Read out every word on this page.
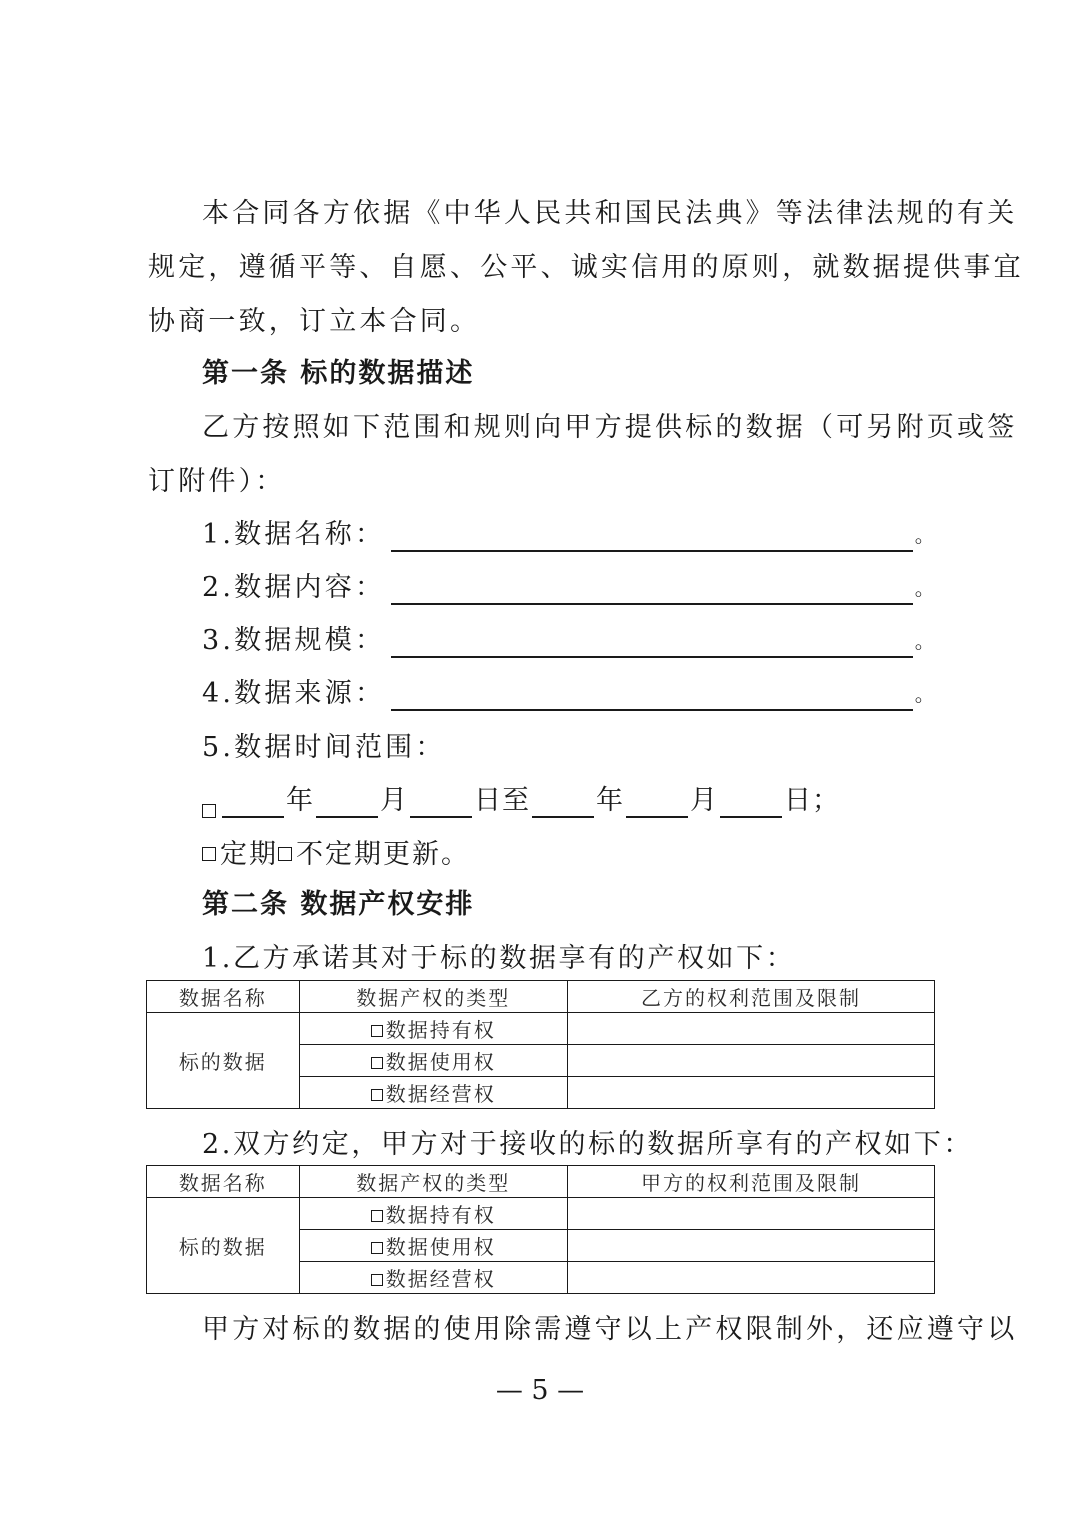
本合同各方依据《中华人民共和国民法典》等法律法规的有关
规定，遵循平等、自愿、公平、诚实信用的原则，就数据提供事宜
协商一致，订立本合同。
第一条 标的数据描述
乙方按照如下范围和规则向甲方提供标的数据（可另附页或签
订附件）：
1.数据名称：	。
2.数据内容：	。
3.数据规模：	。
4.数据来源：	。
5.数据时间范围：
年 月 日至 年 月 日；
定期 不定期更新。
第二条 数据产权安排
1.乙方承诺其对于标的数据享有的产权如下：
数据名称	数据产权的类型	乙方的权利范围及限制
标的数据	数据持有权	
	数据使用权	
	数据经营权	
2.双方约定，甲方对于接收的标的数据所享有的产权如下：
数据名称	数据产权的类型	甲方的权利范围及限制
标的数据	数据持有权	
	数据使用权	
	数据经营权	
甲方对标的数据的使用除需遵守以上产权限制外，还应遵守以
— 5 —
